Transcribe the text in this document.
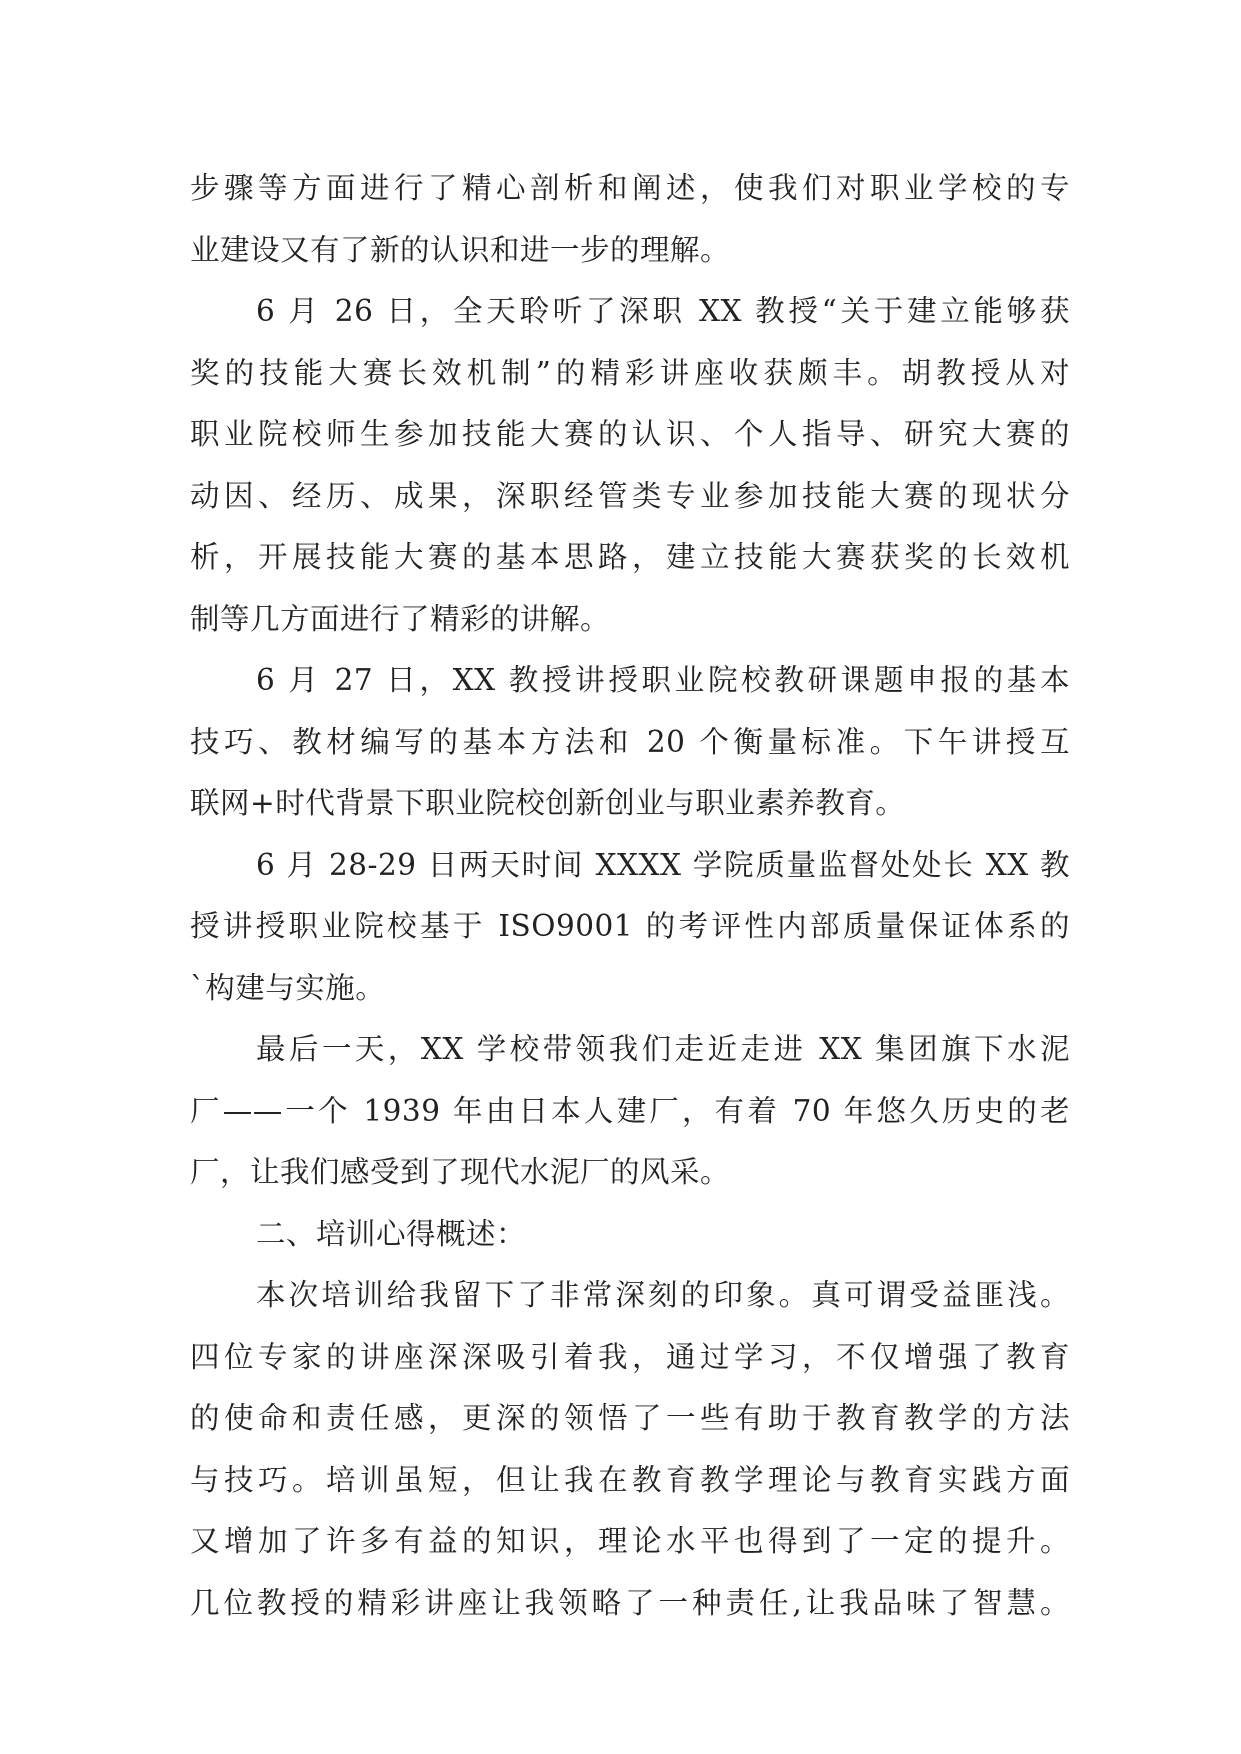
步骤等方面进行了精心剖析和阐述，使我们对职业学校的专
业建设又有了新的认识和进一步的理解。
6 月 26 日，全天聆听了深职 XX 教授“关于建立能够获
奖的技能大赛长效机制”的精彩讲座收获颇丰。胡教授从对
职业院校师生参加技能大赛的认识、个人指导、研究大赛的
动因、经历、成果，深职经管类专业参加技能大赛的现状分
析，开展技能大赛的基本思路，建立技能大赛获奖的长效机
制等几方面进行了精彩的讲解。
6 月 27 日，XX 教授讲授职业院校教研课题申报的基本
技巧、教材编写的基本方法和 20 个衡量标准。下午讲授互
联网+时代背景下职业院校创新创业与职业素养教育。
6 月 28-29 日两天时间 XXXX 学院质量监督处处长 XX 教
授讲授职业院校基于 ISO9001 的考评性内部质量保证体系的
`构建与实施。
最后一天，XX 学校带领我们走近走进 XX 集团旗下水泥
厂——一个 1939 年由日本人建厂，有着 70 年悠久历史的老
厂，让我们感受到了现代水泥厂的风采。
二、培训心得概述：
本次培训给我留下了非常深刻的印象。真可谓受益匪浅。
四位专家的讲座深深吸引着我，通过学习，不仅增强了教育
的使命和责任感，更深的领悟了一些有助于教育教学的方法
与技巧。培训虽短，但让我在教育教学理论与教育实践方面
又增加了许多有益的知识，理论水平也得到了一定的提升。
几位教授的精彩讲座让我领略了一种责任,让我品味了智慧。
